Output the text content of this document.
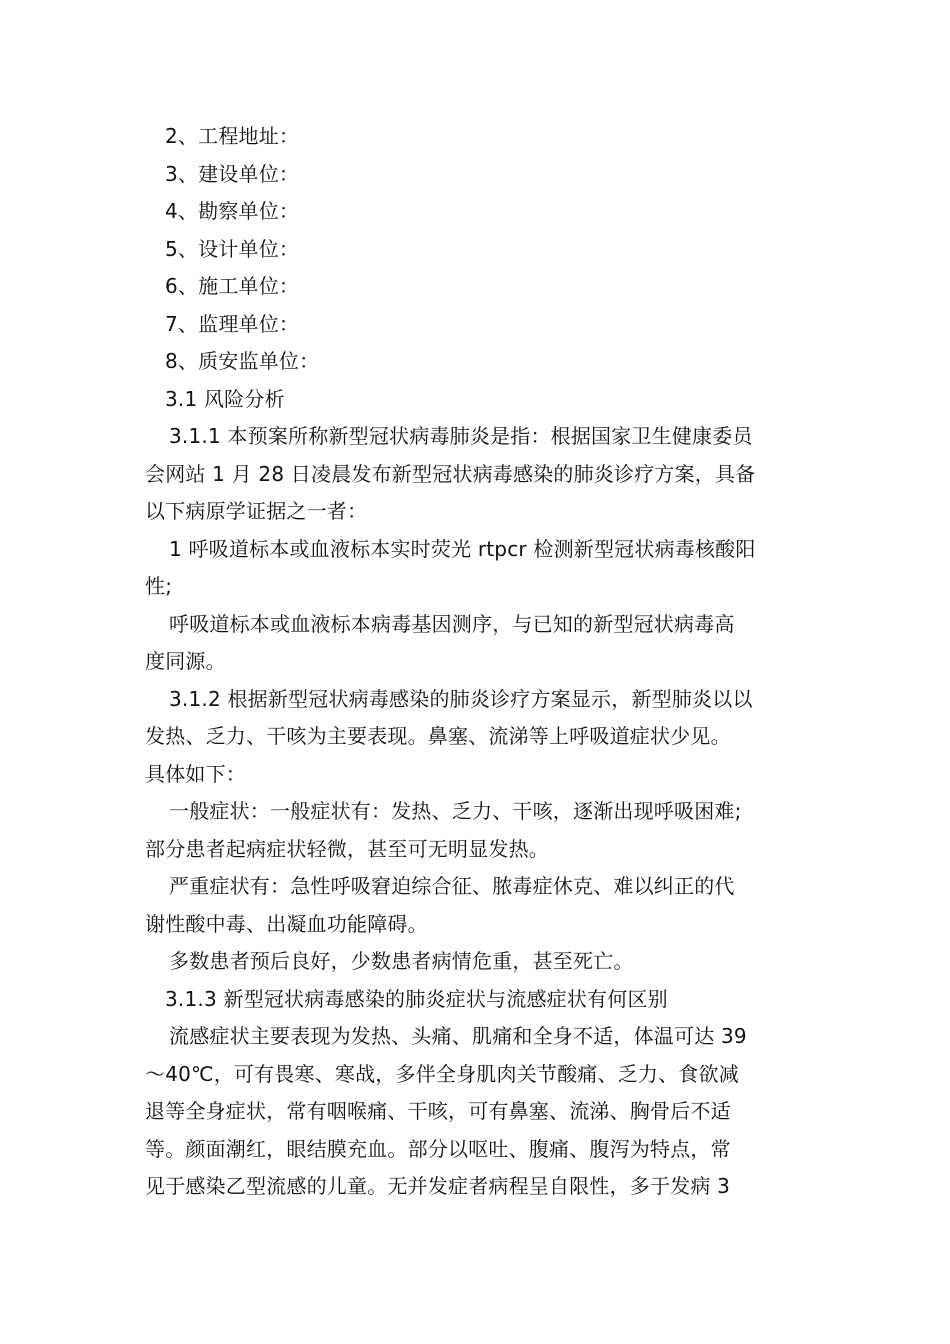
2、工程地址：
3、建设单位：
4、勘察单位：
5、设计单位：
6、施工单位：
7、监理单位：
8、质安监单位：
3.1 风险分析
3.1.1 本预案所称新型冠状病毒肺炎是指：根据国家卫生健康委员
会网站 1 月 28 日凌晨发布新型冠状病毒感染的肺炎诊疗方案，具备
以下病原学证据之一者：
1 呼吸道标本或血液标本实时荧光 rtpcr 检测新型冠状病毒核酸阳
性;
呼吸道标本或血液标本病毒基因测序，与已知的新型冠状病毒高
度同源。
3.1.2 根据新型冠状病毒感染的肺炎诊疗方案显示，新型肺炎以以
发热、乏力、干咳为主要表现。鼻塞、流涕等上呼吸道症状少见。
具体如下：
一般症状：一般症状有：发热、乏力、干咳，逐渐出现呼吸困难;
部分患者起病症状轻微，甚至可无明显发热。
严重症状有：急性呼吸窘迫综合征、脓毒症休克、难以纠正的代
谢性酸中毒、出凝血功能障碍。
多数患者预后良好，少数患者病情危重，甚至死亡。
3.1.3 新型冠状病毒感染的肺炎症状与流感症状有何区别
流感症状主要表现为发热、头痛、肌痛和全身不适，体温可达 39
～40℃，可有畏寒、寒战，多伴全身肌肉关节酸痛、乏力、食欲减
退等全身症状，常有咽喉痛、干咳，可有鼻塞、流涕、胸骨后不适
等。颜面潮红，眼结膜充血。部分以呕吐、腹痛、腹泻为特点，常
见于感染乙型流感的儿童。无并发症者病程呈自限性，多于发病 3
